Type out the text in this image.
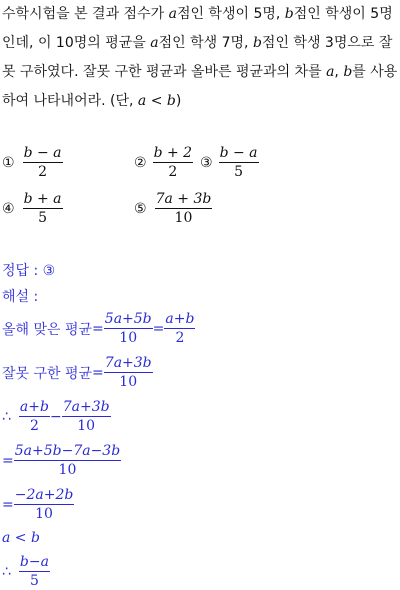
수학시험을 본 결과 점수가 a점인 학생이 5명, b점인 학생이 5명
인데, 이 10명의 평균을 a점인 학생 7명, b점인 학생 3명으로 잘
못 구하였다. 잘못 구한 평균과 올바른 평균과의 차를 a, b를 사용
하여 나타내어라. (단, a < b)
① $\frac{b - a}{2}$	② $\frac{b + 2}{2}$ ③ $\frac{b - a}{5}$
④ $\frac{b + a}{5}$	⑤ $\frac{7a + 3b}{10}$
정답 : ③
해설 :
올해 맞은 평균 = $\frac{5a+5b}{10} = \frac{a+b}{2}$
잘못 구한 평균 = $\frac{7a+3b}{10}$
∴ $\frac{a+b}{2} - \frac{7a+3b}{10}$
= $\frac{5a+5b-7a-3b}{10}$
= $\frac{-2a+2b}{10}$
a < b
∴ $\frac{b-a}{5}$
